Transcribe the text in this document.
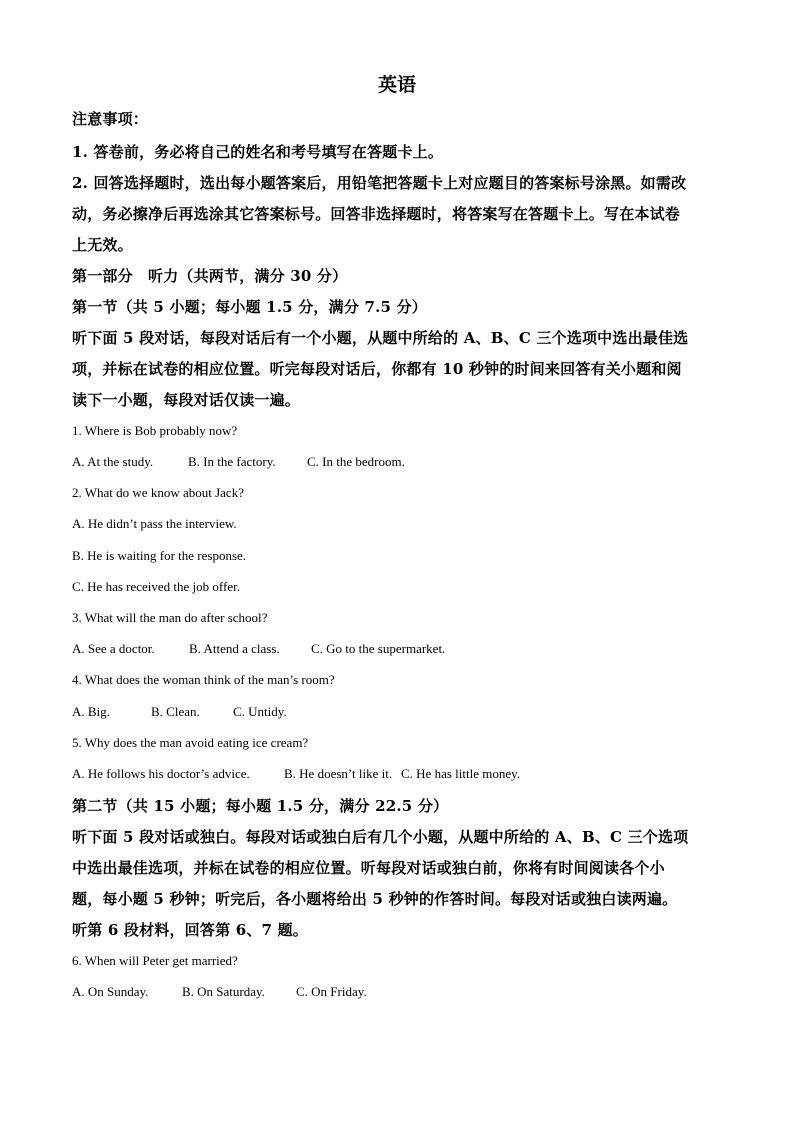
英语
注意事项：
1. 答卷前，务必将自己的姓名和考号填写在答题卡上。
2. 回答选择题时，选出每小题答案后，用铅笔把答题卡上对应题目的答案标号涂黑。如需改
动，务必擦净后再选涂其它答案标号。回答非选择题时，将答案写在答题卡上。写在本试卷
上无效。
第一部分　听力（共两节，满分 30 分）
第一节（共 5 小题；每小题 1.5 分，满分 7.5 分）
听下面 5 段对话，每段对话后有一个小题，从题中所给的 A、B、C 三个选项中选出最佳选
项，并标在试卷的相应位置。听完每段对话后，你都有 10 秒钟的时间来回答有关小题和阅
读下一小题，每段对话仅读一遍。
1. Where is Bob probably now?
A. At the study.	B. In the factory. C. In the bedroom.
2. What do we know about Jack?
A. He didn’t pass the interview.
B. He is waiting for the response.
C. He has received the job offer.
3. What will the man do after school?
A. See a doctor.	B. Attend a class. C. Go to the supermarket.
4. What does the woman think of the man’s room?
A. Big.	B. Clean.	C. Untidy.
5. Why does the man avoid eating ice cream?
A. He follows his doctor’s advice.	B. He doesn’t like it. C. He has little money.
第二节（共 15 小题；每小题 1.5 分，满分 22.5 分）
听下面 5 段对话或独白。每段对话或独白后有几个小题，从题中所给的 A、B、C 三个选项
中选出最佳选项，并标在试卷的相应位置。听每段对话或独白前，你将有时间阅读各个小
题，每小题 5 秒钟；听完后，各小题将给出 5 秒钟的作答时间。每段对话或独白读两遍。
听第 6 段材料，回答第 6、7 题。
6. When will Peter get married?
A. On Sunday.	B. On Saturday. C. On Friday.
